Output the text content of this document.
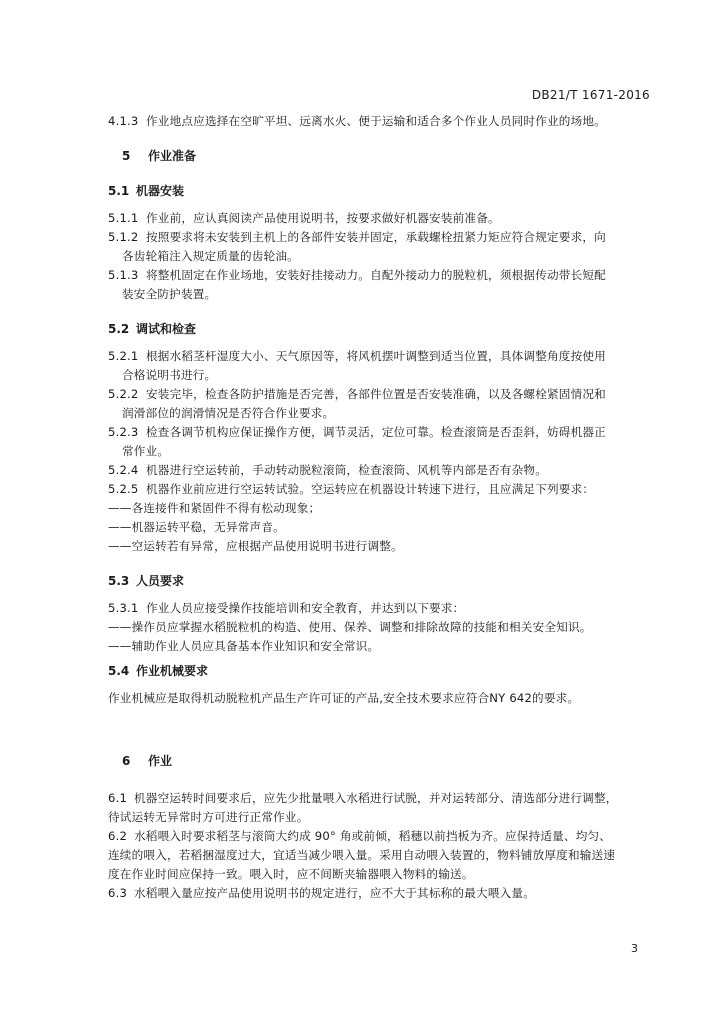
DB21/T 1671-2016

4.1.3 作业地点应选择在空旷平坦、远离水火、便于运输和适合多个作业人员同时作业的场地。

5 作业准备

5.1 机器安装

5.1.1 作业前，应认真阅读产品使用说明书，按要求做好机器安装前准备。

5.1.2 按照要求将未安装到主机上的各部件安装并固定，承载螺栓扭紧力矩应符合规定要求，向

各齿轮箱注入规定质量的齿轮油。

5.1.3 将整机固定在作业场地，安装好挂接动力。自配外接动力的脱粒机，须根据传动带长短配

装安全防护装置。

5.2 调试和检查

5.2.1 根据水稻茎杆湿度大小、天气原因等，将风机摆叶调整到适当位置，具体调整角度按使用

合格说明书进行。

5.2.2 安装完毕，检查各防护措施是否完善，各部件位置是否安装准确，以及各螺栓紧固情况和

润滑部位的润滑情况是否符合作业要求。

5.2.3 检查各调节机构应保证操作方便，调节灵活，定位可靠。检查滚筒是否歪斜，妨碍机器正

常作业。

5.2.4 机器进行空运转前，手动转动脱粒滚筒，检查滚筒、风机等内部是否有杂物。

5.2.5 机器作业前应进行空运转试验。空运转应在机器设计转速下进行，且应满足下列要求：

——各连接件和紧固件不得有松动现象；

——机器运转平稳，无异常声音。

——空运转若有异常，应根据产品使用说明书进行调整。

5.3 人员要求

5.3.1 作业人员应接受操作技能培训和安全教育，并达到以下要求：

——操作员应掌握水稻脱粒机的构造、使用、保养、调整和排除故障的技能和相关安全知识。

——辅助作业人员应具备基本作业知识和安全常识。

5.4 作业机械要求

作业机械应是取得机动脱粒机产品生产许可证的产品,安全技术要求应符合NY 642的要求。

6 作业

6.1 机器空运转时间要求后，应先少批量喂入水稻进行试脱，并对运转部分、清选部分进行调整，

待试运转无异常时方可进行正常作业。

6.2 水稻喂入时要求稻茎与滚筒大约成 90° 角或前倾，稻穗以前挡板为齐。应保持适量、均匀、

连续的喂入，若稻捆湿度过大，宜适当减少喂入量。采用自动喂入装置的，物料铺放厚度和输送速

度在作业时间应保持一致。喂入时，应不间断夹输器喂入物料的输送。

6.3 水稻喂入量应按产品使用说明书的规定进行，应不大于其标称的最大喂入量。

3
